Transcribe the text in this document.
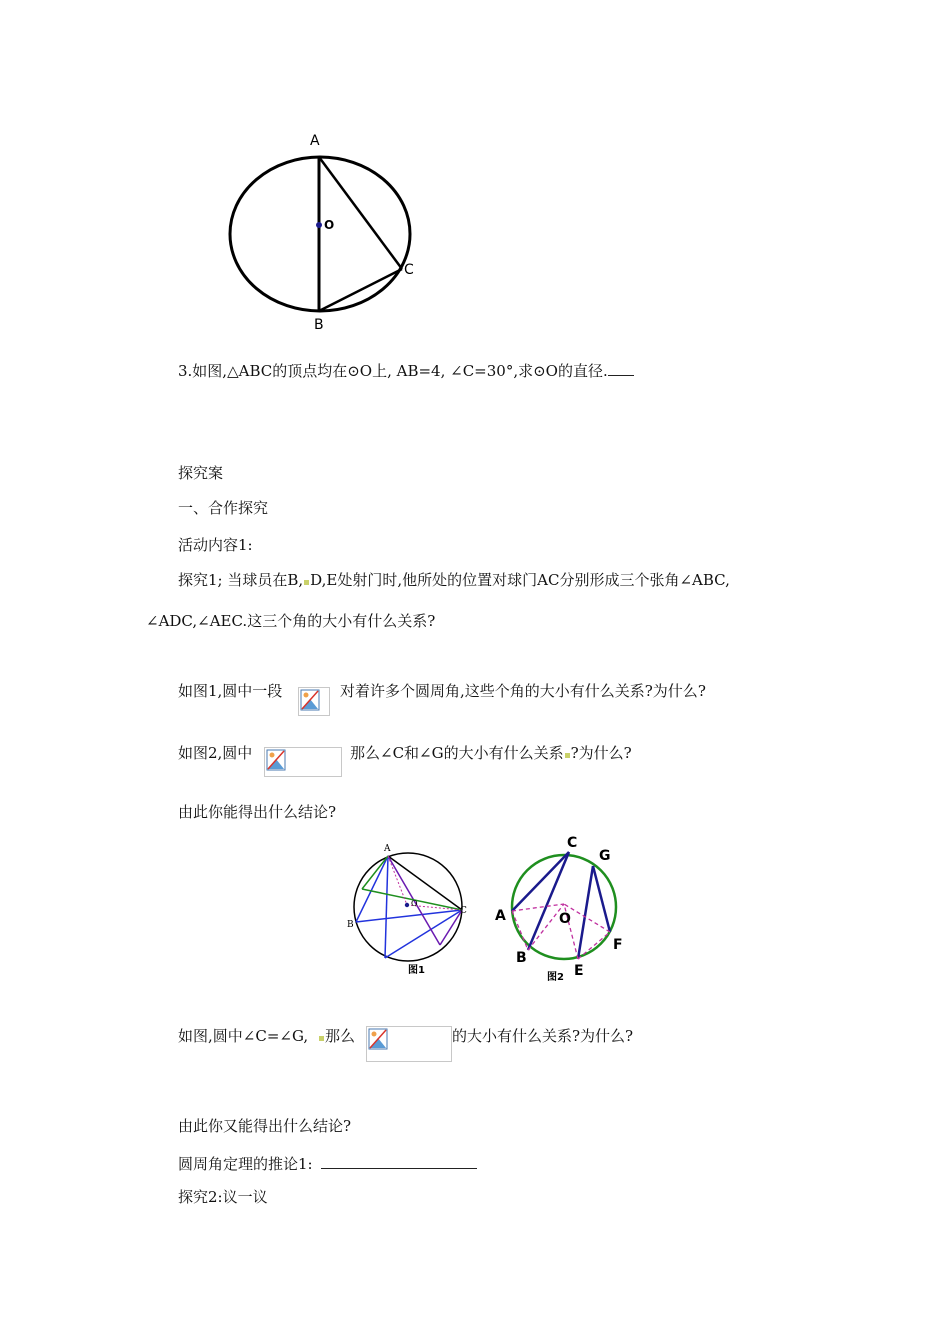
A
O
C
B
3.如图,△ABC的顶点均在⊙O上, AB=4, ∠C=30°,求⊙O的直径.
探究案
一、合作探究
活动内容1:
探究1; 当球员在B, D,E处射门时,他所处的位置对球门AC分别形成三个张角∠ABC,
∠ADC,∠AEC.这三个角的大小有什么关系?
如图1,圆中一段	对着许多个圆周角,这些个角的大小有什么关系?为什么?
如图2,圆中	那么∠C和∠G的大小有什么关系 ?为什么?
由此你能得出什么结论?
A
B
C
O
图1
C
G
A	O
F
B
E
图2
如图,圆中∠C=∠G, 那么	的大小有什么关系?为什么?
由此你又能得出什么结论?
圆周角定理的推论1:
探究2:议一议
